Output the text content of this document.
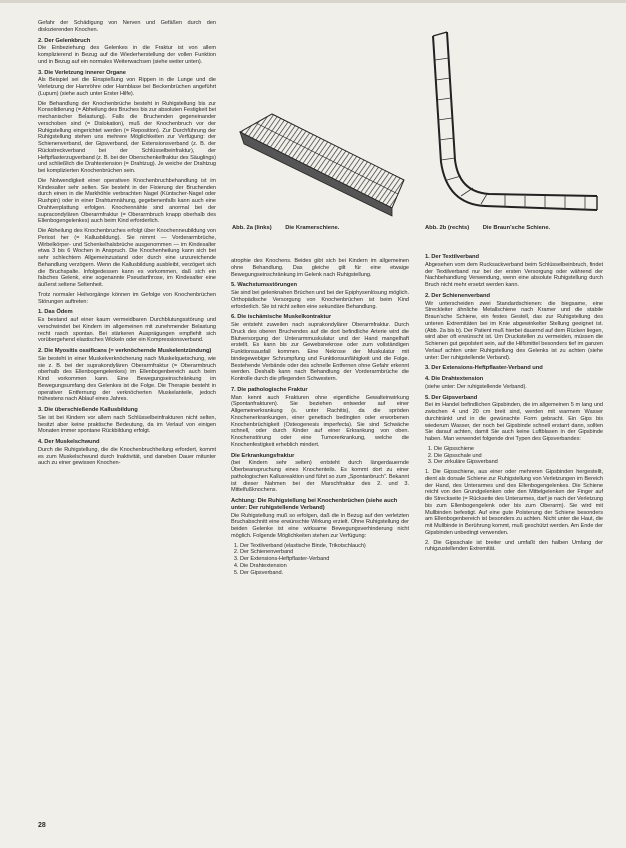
Gefahr der Schädigung von Nerven und Gefäßen durch den dislozierenden Knochen.

2. Der Gelenkbruch

Die Einbeziehung des Gelenkes in die Fraktur ist von allem komplizierend in Bezug auf die Wiederherstellung der vollen Funktion und in Bezug auf ein normales Weiterwachsen (siehe weiter unten).

3. Die Verletzung innerer Organe

Als Beispiel sei die Einspießung von Rippen in die Lunge und die Verletzung der Harnröhre oder Harnblase bei Beckenbrüchen angeführt (Lupum) (siehe auch unter Erster Hilfe).

Die Behandlung der Knochenbrüche besteht in Ruhigstellung bis zur Konsolidierung (= Abheilung des Bruches bis zur absoluten Festigkeit bei mechanischer Belastung). Falls die Bruchenden gegeneinander verschoben sind (= Dislokation), muß der Knochenbruch vor der Ruhigstellung eingerichtet werden (= Reposition). Zur Durchführung der Ruhigstellung stehen uns mehrere Möglichkeiten zur Verfügung: der Schienenverband, der Gipsverband, der Extensionsverband (z. B. der Rückstreckverband bei der Schlüsselbeinfraktur), der Heftpflasterzugverband (z. B. bei der Oberschenkelfraktur des Säuglings) und schließlich die Drahtextension (= Drahtzug). Je weiche der Drahtzug bei komplizierten Knochenbrüchen sein.

Die Notwendigkeit einer operativen Knochenbruchbehandlung ist im Kindesalter sehr selten. Sie besteht in der Fixierung der Bruchenden durch einen in die Markhöhle verbrachten Nagel (Küntscher-Nagel oder Rushpin) oder in einer Drahtumnähung, gegebenenfalls kann auch eine Drahtverplattung erfolgen. Knochennähte sind anormal bei der supracondylären Oberarmfraktur (= Oberarmbruch knapp oberhalb des Ellenbogengelenkes) auch beim Kind erforderlich.

Die Abheilung des Knochenbruches erfolgt über Knochenneubildung von Periost her (= Kallusbildung). Sie nimmt — Vorderarmbrüche, Wirbelkörper- und Schenkelhalsbrüche ausgenommen — im Kindesalter etwa 3 bis 6 Wochen in Anspruch. Die Knochenheilung kann sich bei sehr schlechtem Allgemeinzustand oder durch eine unzureichende Behandlung verzögern. Wenn die Kallusbildung ausbleibt, verzögert sich die Bruchspalte. Infolgedessen kann es vorkommen, daß sich ein falsches Gelenk, eine sogenannte Pseudarthrose, im Kindesalter eine äußerst seltene Seltenheit.

Trotz normaler Heilvorgänge können im Gefolge von Knochenbrüchen Störungen auftreten:

1. Das Ödem

Es bestand auf einer kaum vermeidbaren Durchblutungsstörung und verschwindet bei Kindern im allgemeinen mit zunehmender Belastung recht rasch spontan. Bei stärkeren Ausprägungen empfiehlt sich vorübergehend elastisches Wickeln oder ein Kompressionsverband.

2. Die Myositis ossificans (= verknöchernde Muskelentzündung)

Sie besteht in einer Muskelverknöcherung nach Muskelquetschung, wie sie z. B. bei der suprakondylären Oberarmfraktur (= Oberarmbruch oberhalb des Ellenbogengelenkes) im Ellenbogenbereich auch beim Kind vorkommen kann. Eine Bewegungseinschränkung im Bewegungsumfang des Gelenkes ist die Folge. Die Therapie besteht in operativer Entfernung der verknöcherten Muskelanteile, jedoch frühestens nach Ablauf eines Jahres.

3. Die überschießende Kallusbildung

Sie ist bei Kindern vor allem nach Schlüsselbeinfrakturen nicht selten, besitzt aber keine praktische Bedeutung, da im Verlauf von einigen Monaten immer spontane Rückbildung erfolgt.

4. Der Muskelschwund

Durch die Ruhigstellung, die die Knochenbruchheilung erfordert, kommt es zum Muskelschwund durch Inaktivität, und daneben Dauer mitunter auch zu einer gewissen Knochen-

Abb. 2a (links) Die Kramerschiene.	Abb. 2b (rechts) Die Braun'sche Schiene.

atrophie des Knochens. Beides gibt sich bei Kindern im allgemeinen ohne Behandlung. Das gleiche gilt für eine etwaige Bewegungseinschränkung im Gelenk nach Ruhigstellung.

5. Wachstumsstörungen

Sie sind bei gelenknahen Brüchen und bei der Epiphysenlösung möglich. Orthopädische Versorgung von Knochenbrüchen ist beim Kind erforderlich. Sie ist nicht selten eine sekundäre Behandlung.

6. Die ischämische Muskelkontraktur

Sie entsteht zuweilen nach suprakondylärer Oberarmfraktur. Durch Druck des oberen Bruchendes auf die dort befindliche Arterie wird die Blutversorgung der Unterarmmuskulatur und der Hand mangelhaft erstellt. Es kann bis zur Gewebsnekrose oder zum vollständigen Funktionsausfall kommen. Eine Nekrose der Muskulatur mit bindegewebiger Schrumpfung und Funktionsunfähigkeit und die Folge. Bestehende Verbände oder des schnelle Entfernen ohne Gefahr erkennt werden. Deshalb kann nach Behandlung der Vorderarmbrüche die Kontrolle durch die pflegenden Schwestern.

7. Die pathologische Fraktur

Man kennt auch Frakturen ohne eigentliche Gewalteinwirkung (Spontanfrakturen). Sie beziehen entweder auf einer Allgemeinerkrankung (s. unter Rachitis), da die spröden Knochenerkrankungen, einer genetisch bedingten oder erworbenen Knochenbrüchigkeit (Osteogenesis imperfecta). Sie sind Schwäche schnell, oder durch Kinder auf einer Erkrankung von oben. Knochenstörung oder eine Tumorerkrankung, welche die Knochenfestigkeit erheblich mindert.

Die Erkrankungsfraktur

(bei Kindern sehr selten) entsteht durch längerdauernde Überbeanspruchung eines Knochenteils. Es kommt dort zu einer pathologischen Kallusreaktion und führt so zum „Spontanbruch“. Bekannt ist dieser Nahmen bei der Marschfraktur des 2. und 3. Mittelfußknochens.

Achtung: Die Ruhigstellung bei Knochenbrüchen (siehe auch unter: Der ruhigstellende Verband)

Die Ruhigstellung muß so erfolgen, daß die in Bezug auf den verletzten Bruchabschnitt eine erwünschte Wirkung erzielt. Ohne Ruhigstellung der beiden Gelenke ist eine wirksame Bewegungsverhinderung nicht möglich. Folgende Möglichkeiten stehen zur Verfügung:

1. Der Textilverband (elastische Binde, Trikotschlauch)
2. Der Schienenverband
3. Der Extensions-Heftpflaster-Verband
4. Die Drahtextension
5. Der Gipsverband.
1. Der Textilverband

Abgesehen vom dem Rucksackverband beim Schlüsselbeinbruch, findet der Textilverband nur bei der ersten Versorgung oder während der Nachbehandlung Verwendung, wenn eine absolute Ruhigstellung durch Bruch nicht mehr ersetzt werden kann.

2. Der Schienenverband

Wir unterscheiden zwei Standardschienen: die biegsame, eine Streckleiter ähnliche Metallschiene nach Kramer und die stabile Braun'sche Schiene, ein festes Gestell, das zur Ruhigstellung des unteren Extremitäten bei im Knie abgewinkelter Stellung geeignet ist. (Abb. 2a bis b). Der Patient muß hierbei dauernd auf dem Rücken liegen, wird aber oft erwünscht ist. Um Druckstellen zu vermeiden, müssen die Schienen gut gepolstert sein, auf die Hilfsmittel besonders tief im ganzen Verlauf achten unter Ruhigstellung des Gelenks ist zu achten (siehe unter: Der ruhigstellende Verband).

3. Der Extensions-Heftpflaster-Verband und
4. Die Drahtextension

(siehe unter: Der ruhigstellende Verband).

5. Der Gipsverband

Bei im Handel befindlichen Gipsbinden, die im allgemeinen 5 m lang und zwischen 4 und 20 cm breit sind, werden mit warmem Wasser durchtränkt und in die gewünschte Form gebracht. Ein Gips bis wiederum Wasser, der noch bei Gipsbinde schnell erstarrt dann, sollten Sie darauf achten, damit Sie auch keine Luftblasen in der Gipsbinde haben. Man verwendet folgende drei Typen des Gipsverbandes:

1. Die Gipsschiene
2. Die Gipsschale und
3. Der zirkuläre Gipsverband

1. Die Gipsschiene, aus einer oder mehreren Gipsbinden hergestellt, dient als dorsale Schiene zur Ruhigstellung von Verletzungen im Bereich der Hand, des Unterarmes und des Ellenbogengelenkes. Die Schiene reicht von den Grundgelenken oder den Mittelgelenken der Finger auf die Streckseite (= Rückseite des Unterarmes, darf je nach der Verletzung bis zum Ellenbogengelenk oder bis zum Oberarm). Sie wird mit Mullbinden befestigt. Auf eine gute Polsterung der Schiene besonders am Ellenbogenbereich ist besonders zu achten. Nicht unter die Haut, die mit Mullbinde in Berührung kommt, muß geschützt werden. Am Ende der Gipsbinden unbedingt verwenden.

2. Die Gipsschale ist breiter und umfaßt den halben Umfang der ruhigzustellenden Extremität.

28
